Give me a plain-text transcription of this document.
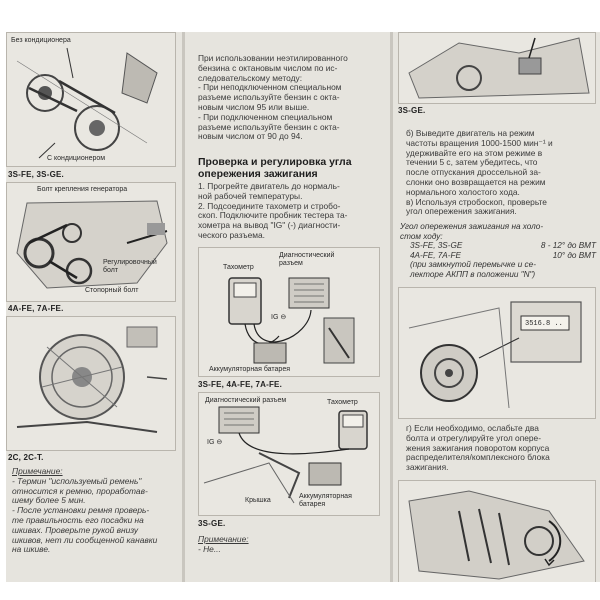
Без кондиционера
С кондиционером
3S-FE, 3S-GE.
Болт крепления генератора
Регулировочный болт
Стопорный болт
4A-FE, 7A-FE.
2C, 2C-T.

Примечание:

- Термин "используемый ремень"

относится к ремню, проработав-

шему более 5 мин.

- После установки ремня проверь-

те правильность его посадки на

шкивах. Проверьте рукой внизу

шкивов, нет ли сообщенной канавки

на шкиве.

При использовании неэтилированного

бензина с октановым числом по ис-

следовательскому методу:

- При неподключенном специальном

разъеме используйте бензин с окта-

новым числом 95 или выше.

- При подключенном специальном

разъеме используйте бензин с окта-

новым числом от 90 до 94.

Проверка и регулировка угла
опережения зажигания

1. Прогрейте двигатель до нормаль-

ной рабочей температуры.

2. Подсоедините тахометр и стробо-

скоп. Подключите пробник тестера та-

хометра на вывод "IG" (-) диагности-

ческого разъема.

Тахометр
Диагностический разъем
IG ⊖
Аккумуляторная батарея
3S-FE, 4A-FE, 7A-FE.
Диагностический разъем	Тахометр
IG ⊖
Крышка
Аккумуляторная батарея
3S-GE.

Примечание:

- Не...

3S-GE.

б) Выведите двигатель на режим

частоты вращения 1000-1500 мин⁻¹ и

удерживайте его на этом режиме в

течении 5 с, затем убедитесь, что

после отпускания дроссельной за-

слонки оно возвращается на режим

нормального холостого хода.

в) Используя стробоскоп, проверьте

угол опережения зажигания.

Угол опережения зажигания на холо-
стом ходу:
3S-FE, 3S-GE	8 - 12° до ВМТ
4A-FE, 7A-FE	10° до ВМТ
(при замкнутой перемычке и се-
лекторе АКПП в положении "N")
3516.8 ..

г) Если необходимо, ослабьте два

болта и отрегулируйте угол опере-

жения зажигания поворотом корпуса

распределителя/комплексного блока

зажигания.
